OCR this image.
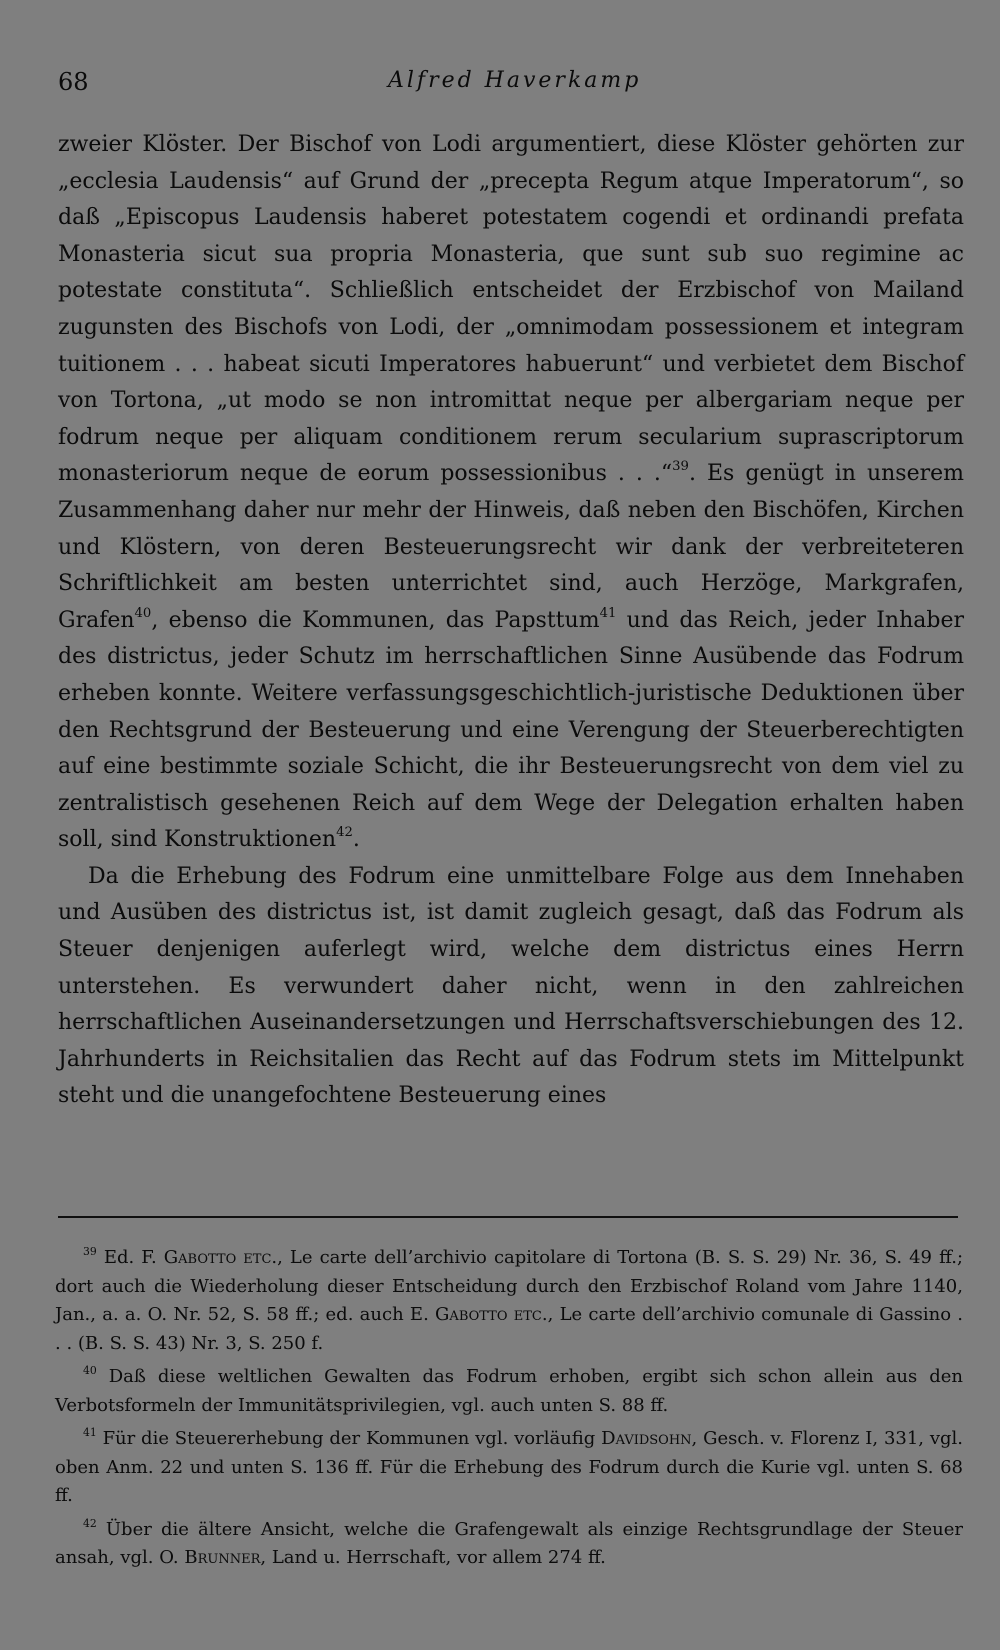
68	Alfred Haverkamp

zweier Klöster. Der Bischof von Lodi argumentiert, diese Klöster gehörten zur „ecclesia Laudensis“ auf Grund der „precepta Regum atque Imperatorum“, so daß „Episcopus Laudensis haberet potestatem cogendi et ordinandi prefata Monasteria sicut sua propria Monasteria, que sunt sub suo regimine ac potestate constituta“. Schließlich entscheidet der Erzbischof von Mailand zugunsten des Bischofs von Lodi, der „omnimodam possessionem et integram tuitionem . . . habeat sicuti Imperatores habuerunt“ und verbietet dem Bischof von Tortona, „ut modo se non intromittat neque per albergariam neque per fodrum neque per aliquam conditionem rerum secularium suprascriptorum monasteriorum neque de eorum possessionibus . . .“$^{39}$. Es genügt in unserem Zusammenhang daher nur mehr der Hinweis, daß neben den Bischöfen, Kirchen und Klöstern, von deren Besteuerungsrecht wir dank der verbreiteteren Schriftlichkeit am besten unterrichtet sind, auch Herzöge, Markgrafen, Grafen$^{40}$, ebenso die Kommunen, das Papsttum$^{41}$ und das Reich, jeder Inhaber des districtus, jeder Schutz im herrschaftlichen Sinne Ausübende das Fodrum erheben konnte. Weitere verfassungsgeschichtlich-juristische Deduktionen über den Rechtsgrund der Besteuerung und eine Verengung der Steuerberechtigten auf eine bestimmte soziale Schicht, die ihr Besteuerungsrecht von dem viel zu zentralistisch gesehenen Reich auf dem Wege der Delegation erhalten haben soll, sind Konstruktionen$^{42}$.

Da die Erhebung des Fodrum eine unmittelbare Folge aus dem Innehaben und Ausüben des districtus ist, ist damit zugleich gesagt, daß das Fodrum als Steuer denjenigen auferlegt wird, welche dem districtus eines Herrn unterstehen. Es verwundert daher nicht, wenn in den zahlreichen herrschaftlichen Auseinandersetzungen und Herrschaftsverschiebungen des 12. Jahrhunderts in Reichsitalien das Recht auf das Fodrum stets im Mittelpunkt steht und die unangefochtene Besteuerung eines

$^{39}$ Ed. F. Gabotto etc., Le carte dell’archivio capitolare di Tortona (B. S. S. 29) Nr. 36, S. 49 ff.; dort auch die Wiederholung dieser Entscheidung durch den Erzbischof Roland vom Jahre 1140, Jan., a. a. O. Nr. 52, S. 58 ff.; ed. auch E. Gabotto etc., Le carte dell’archivio comunale di Gassino . . . (B. S. S. 43) Nr. 3, S. 250 f.

$^{40}$ Daß diese weltlichen Gewalten das Fodrum erhoben, ergibt sich schon allein aus den Verbotsformeln der Immunitätsprivilegien, vgl. auch unten S. 88 ff.

$^{41}$ Für die Steuererhebung der Kommunen vgl. vorläufig Davidsohn, Gesch. v. Florenz I, 331, vgl. oben Anm. 22 und unten S. 136 ff. Für die Erhebung des Fodrum durch die Kurie vgl. unten S. 68 ff.

$^{42}$ Über die ältere Ansicht, welche die Grafengewalt als einzige Rechtsgrundlage der Steuer ansah, vgl. O. Brunner, Land u. Herrschaft, vor allem 274 ff.
